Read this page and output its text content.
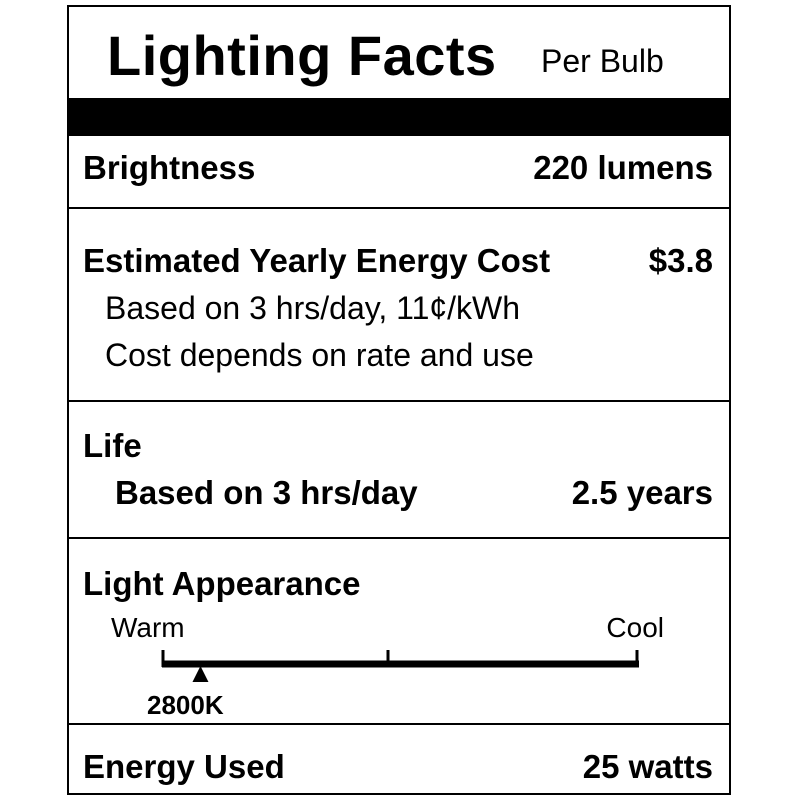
Lighting Facts Per Bulb
Brightness	220 lumens
Estimated Yearly Energy Cost	$3.8
Based on 3 hrs/day, 11¢/kWh
Cost depends on rate and use
Life
Based on 3 hrs/day	2.5 years
Light Appearance
Warm	Cool
2800K
Energy Used	25 watts
